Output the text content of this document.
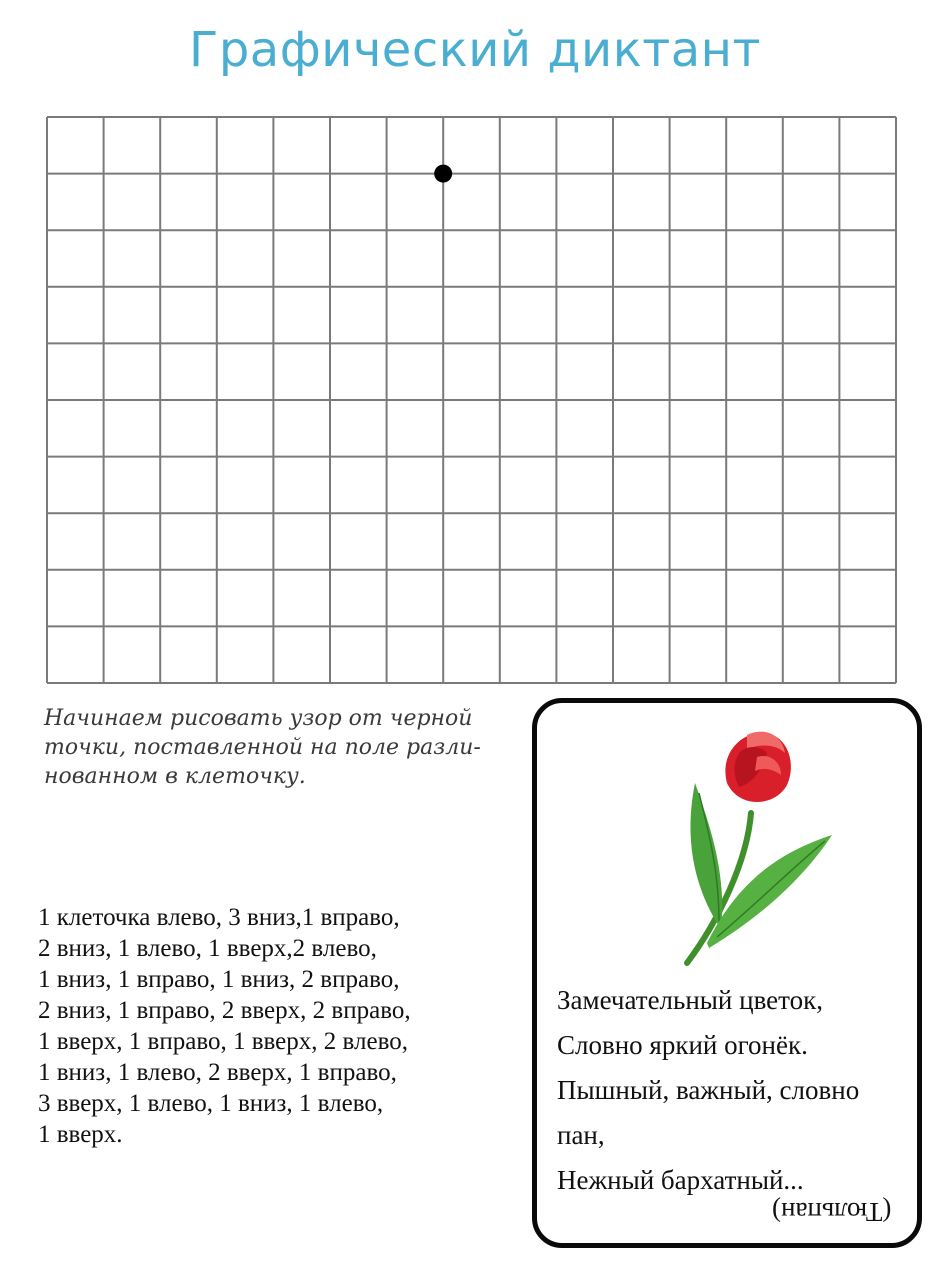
Графический диктант

Начинаем рисовать узор от черной
точки, поставленной на поле разли-
нованном в клеточку.

1 клеточка влево, 3 вниз,1 вправо,
2 вниз, 1 влево, 1 вверх,2 влево,
1 вниз, 1 вправо, 1 вниз, 2 вправо,
2 вниз, 1 вправо, 2 вверх, 2 вправо,
1 вверх, 1 вправо, 1 вверх, 2 влево,
1 вниз, 1 влево, 2 вверх, 1 вправо,
3 вверх, 1 влево, 1 вниз, 1 влево,
1 вверх.

Замечательный цветок,
Словно яркий огонёк.
Пышный, важный, словно
пан,
Нежный бархатный...

(Тюльпан)
